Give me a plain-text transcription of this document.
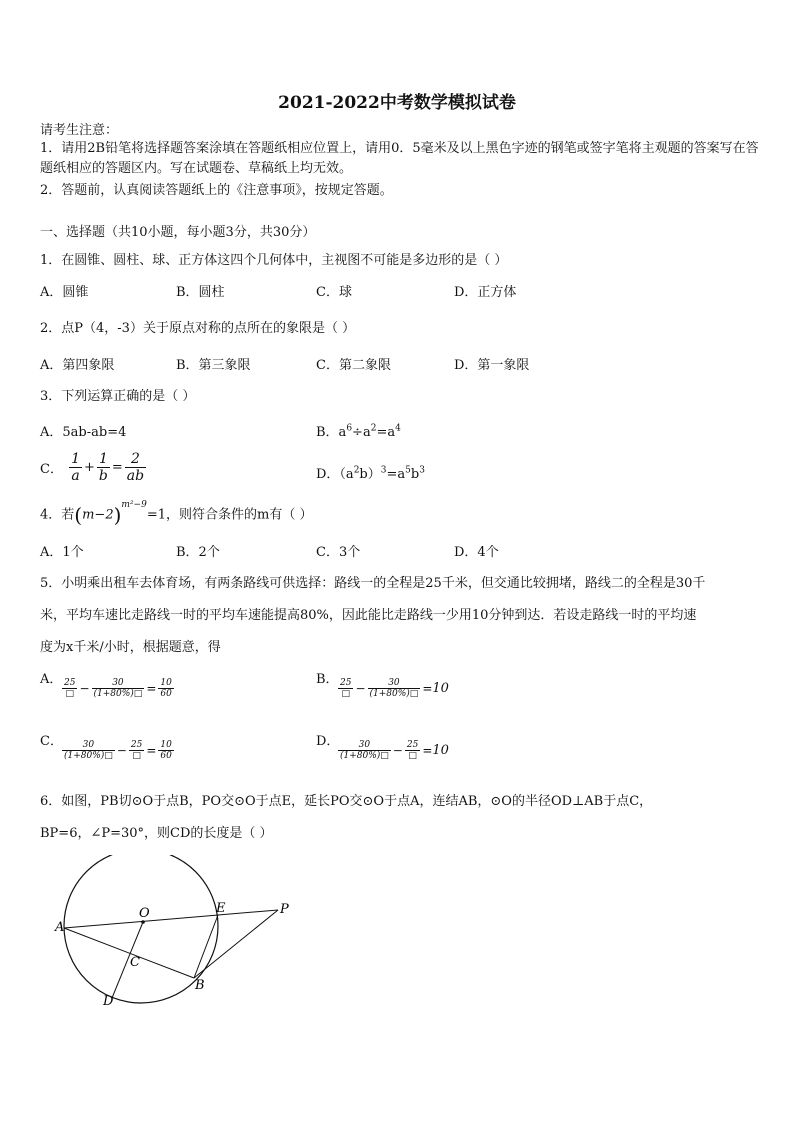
2021-2022中考数学模拟试卷
请考生注意：
1．请用2B铅笔将选择题答案涂填在答题纸相应位置上，请用0．5毫米及以上黑色字迹的钢笔或签字笔将主观题的答案写在答题纸相应的答题区内。写在试题卷、草稿纸上均无效。
2．答题前，认真阅读答题纸上的《注意事项》，按规定答题。
一、选择题（共10小题，每小题3分，共30分）
1．在圆锥、圆柱、球、正方体这四个几何体中，主视图不可能是多边形的是（ ）
A．圆锥	B．圆柱	C．球	D．正方体
2．点P（4，-3）关于原点对称的点所在的象限是（ ）
A．第四象限	B．第三象限	C．第二象限	D．第一象限
3．下列运算正确的是（ ）
A．5ab-ab=4	B．$a^6\div a^2=a^4$
C． $\frac{1}{a} + \frac{1}{b} = \frac{2}{ab}$	D．$(a^2b)^3=a^5b^3$
4．若$(m-2)^{m^2-9}=1$，则符合条件的m有（ ）
A．1个	B．2个	C．3个	D．4个
5．小明乘出租车去体育场，有两条路线可供选择：路线一的全程是25千米，但交通比较拥堵，路线二的全程是30千
米，平均车速比走路线一时的平均车速能提高80%，因此能比走路线一少用10分钟到达．若设走路线一时的平均速
度为x千米/小时，根据题意，得
A． $\frac{25}{□} - \frac{30}{(1+80\%)□} = \frac{10}{60}$	B． $\frac{25}{□} - \frac{30}{(1+80\%)□} =10$
C． $\frac{30}{(1+80\%)□} - \frac{25}{□} = \frac{10}{60}$	D．
$\frac{30}{(1+80\%)□} - \frac{25}{□} =10$
6．如图，PB切⊙O于点B，PO交⊙O于点E，延长PO交⊙O于点A，连结AB，⊙O的半径OD⊥AB于点C，
BP=6，∠P=30°，则CD的长度是（ ）
A
O	E	P
C
B
D
